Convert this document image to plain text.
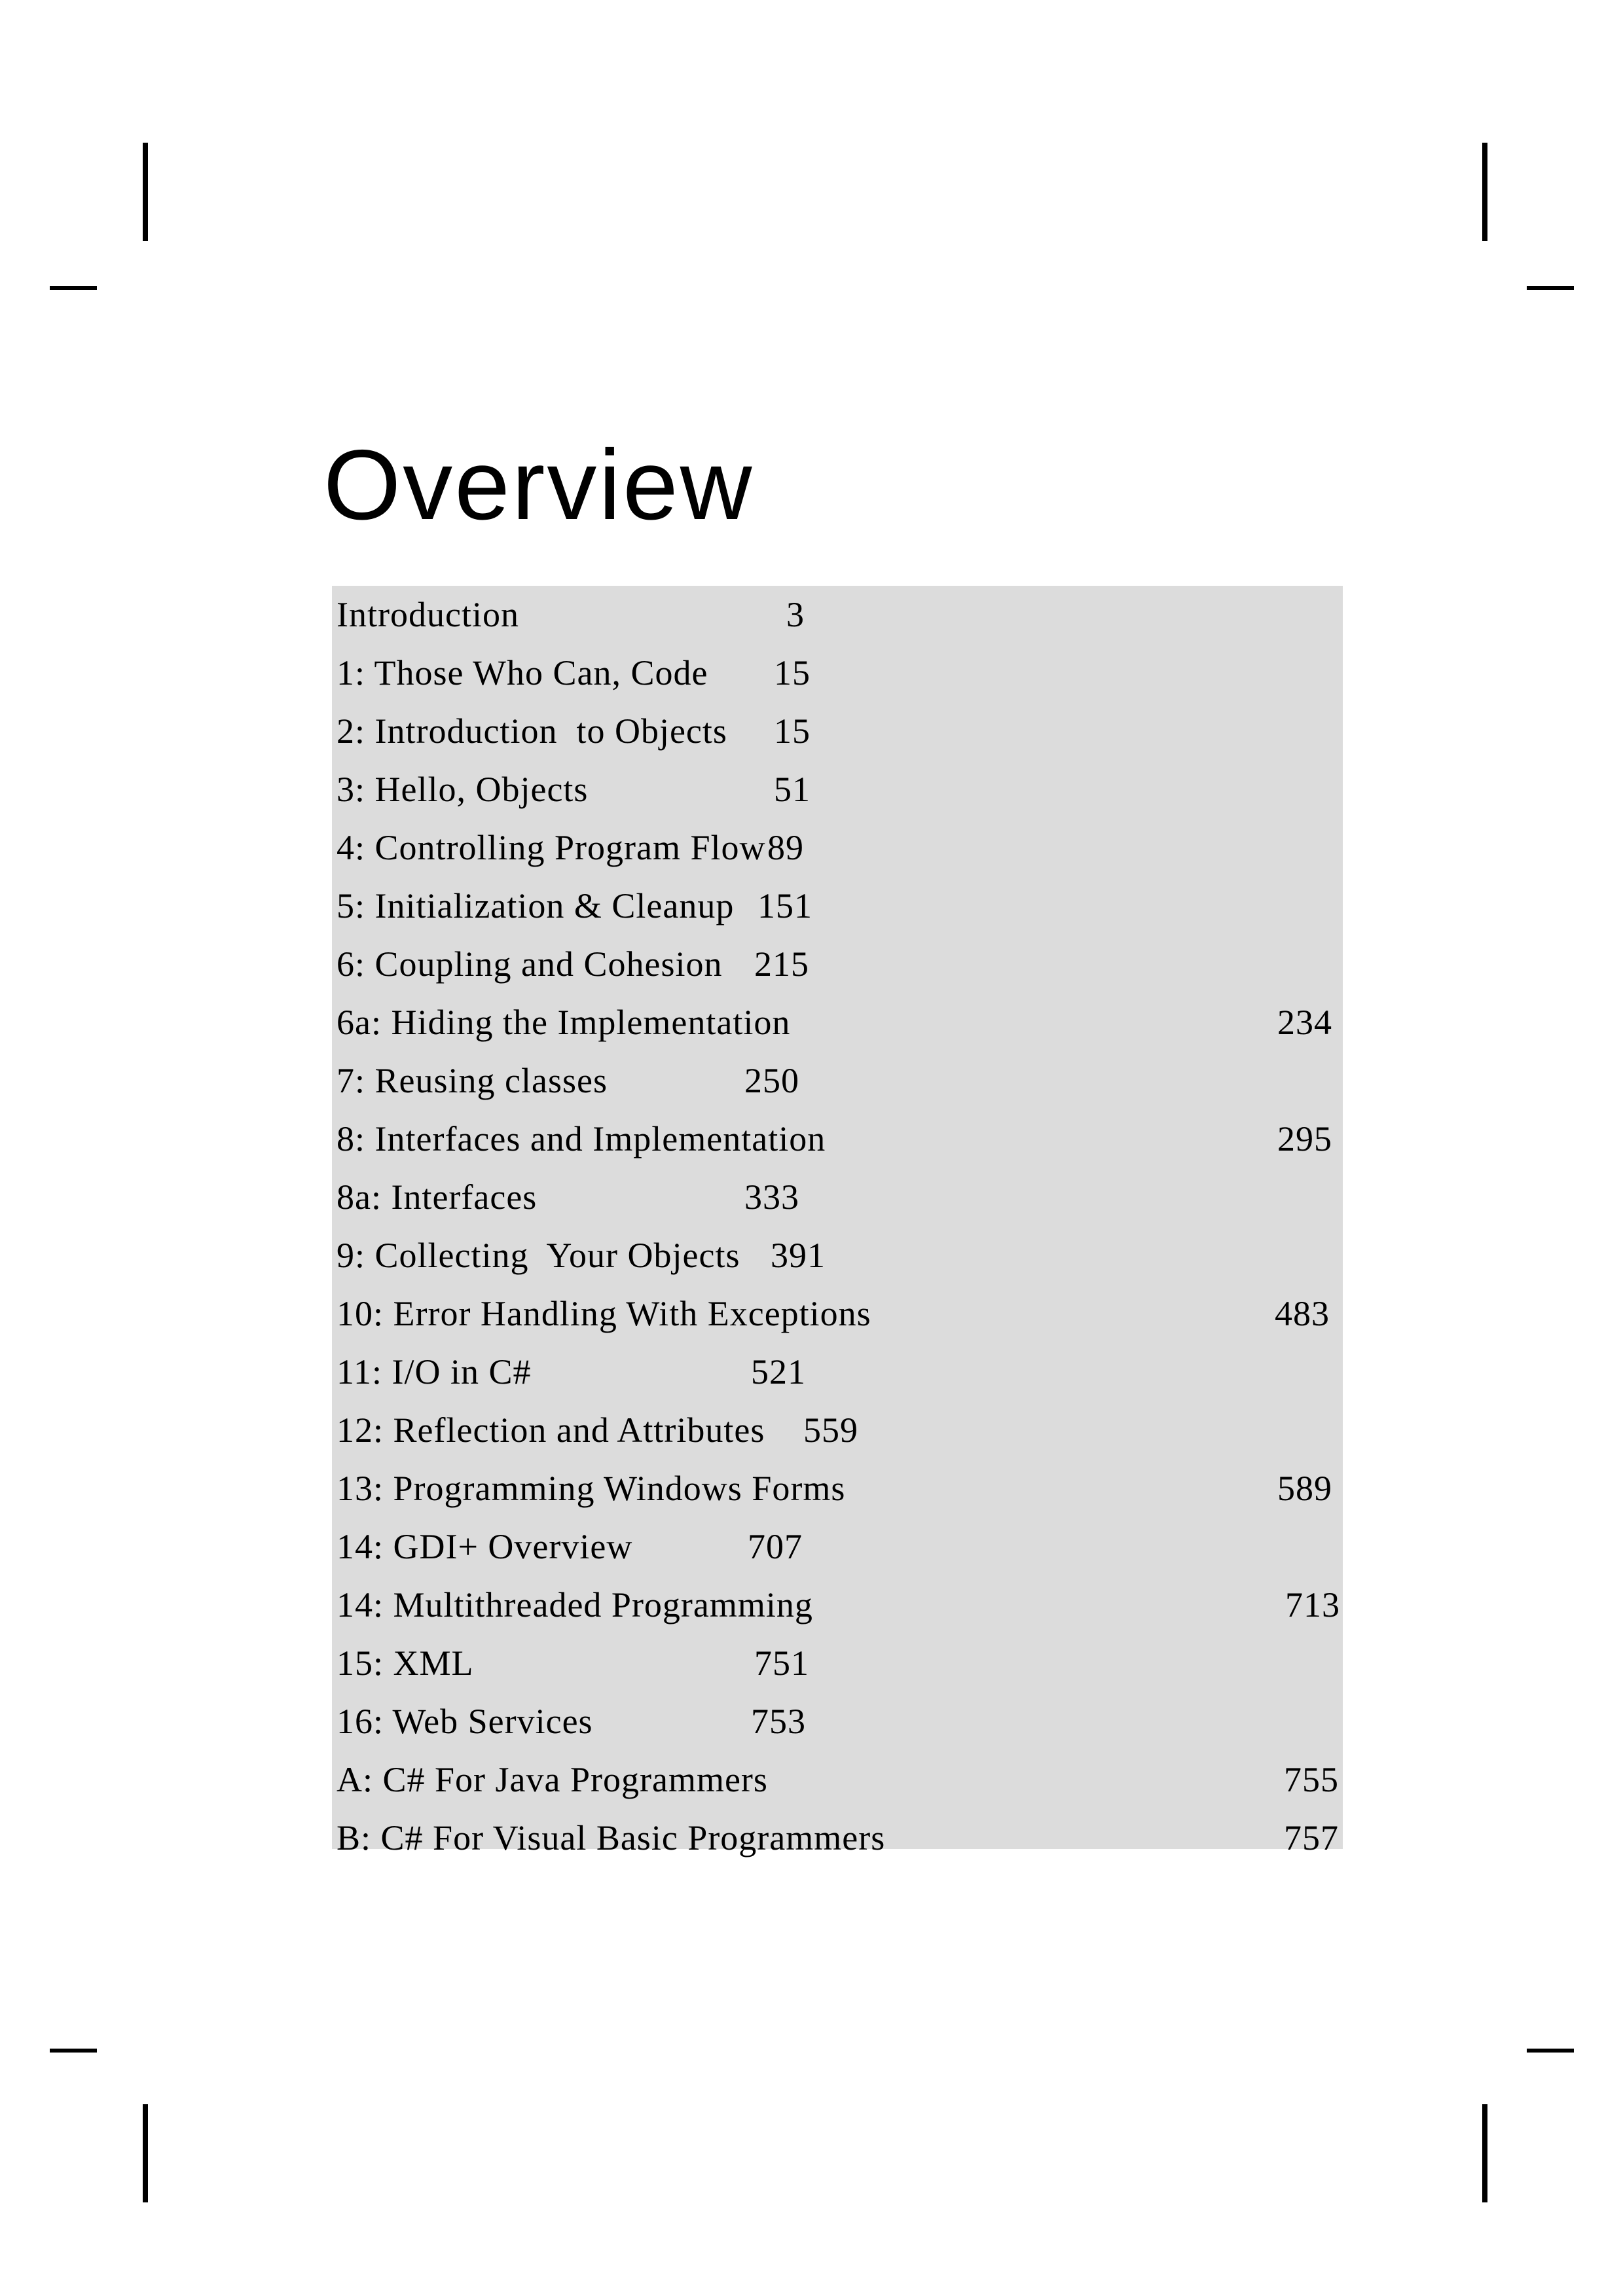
Overview
Introduction	3
1: Those Who Can, Code 15
2: Introduction  to Objects 15
3: Hello, Objects	51
4: Controlling Program Flow 89
5: Initialization & Cleanup 151
6: Coupling and Cohesion 215
6a: Hiding the Implementation	234
7: Reusing classes	250
8: Interfaces and Implementation	295
8a: Interfaces	333
9: Collecting  Your Objects 391
10: Error Handling With Exceptions	483
11: I/O in C#	521
12: Reflection and Attributes 559
13: Programming Windows Forms	589
14: GDI+ Overview	707
14: Multithreaded Programming	713
15: XML	751
16: Web Services	753
A: C# For Java Programmers	755
B: C# For Visual Basic Programmers	757
